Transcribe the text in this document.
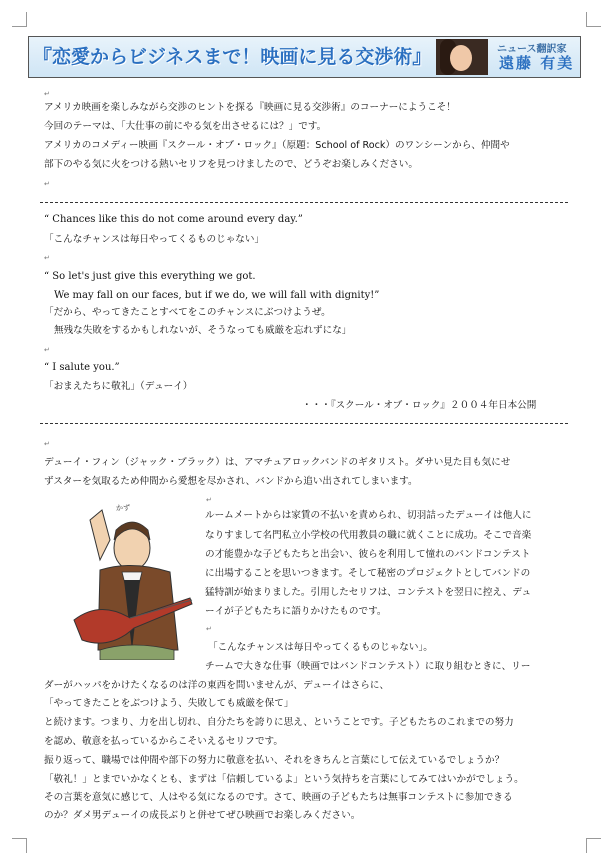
『恋愛からビジネスまで！映画に見る交渉術』	ニュース翻訳家
遠藤 有美
↵
アメリカ映画を楽しみながら交渉のヒントを探る『映画に見る交渉術』のコーナーにようこそ！
今回のテーマは、「大仕事の前にやる気を出させるには？」です。
アメリカのコメディー映画『スクール・オブ・ロック』（原題：School of Rock）のワンシーンから、仲間や
部下のやる気に火をつける熱いセリフを見つけましたので、どうぞお楽しみください。
↵
“ Chances like this do not come around every day.”
「こんなチャンスは毎日やってくるものじゃない」
↵
“ So let's just give this everything we got.
We may fall on our faces, but if we do, we will fall with dignity!”
「だから、やってきたことすべてをこのチャンスにぶつけようぜ。
無残な失敗をするかもしれないが、そうなっても威厳を忘れずにな」
↵
“ I salute you.”
「おまえたちに敬礼」（デューイ）
・・・『スクール・オブ・ロック』２００４年日本公開
↵
デューイ・フィン（ジャック・ブラック）は、アマチュアロックバンドのギタリスト。ダサい見た目も気にせ
ずスターを気取るため仲間から愛想を尽かされ、バンドから追い出されてしまいます。
↵
かず
ルームメートからは家賃の不払いを責められ、切羽詰ったデューイは他人に
なりすまして名門私立小学校の代用教員の職に就くことに成功。そこで音楽
の才能豊かな子どもたちと出会い、彼らを利用して憧れのバンドコンテスト
に出場することを思いつきます。そして秘密のプロジェクトとしてバンドの
猛特訓が始まりました。引用したセリフは、コンテストを翌日に控え、デュ
ーイが子どもたちに語りかけたものです。
↵
「こんなチャンスは毎日やってくるものじゃない」。
チームで大きな仕事（映画ではバンドコンテスト）に取り組むときに、リー
ダーがハッパをかけたくなるのは洋の東西を問いませんが、デューイはさらに、
「やってきたことをぶつけよう、失敗しても威厳を保て」
と続けます。つまり、力を出し切れ、自分たちを誇りに思え、ということです。子どもたちのこれまでの努力
を認め、敬意を払っているからこそいえるセリフです。
振り返って、職場では仲間や部下の努力に敬意を払い、それをきちんと言葉にして伝えているでしょうか？
「敬礼！」とまでいかなくとも、まずは「信頼しているよ」という気持ちを言葉にしてみてはいかがでしょう。
その言葉を意気に感じて、人はやる気になるのです。さて、映画の子どもたちは無事コンテストに参加できる
のか？ダメ男デューイの成長ぶりと併せてぜひ映画でお楽しみください。
